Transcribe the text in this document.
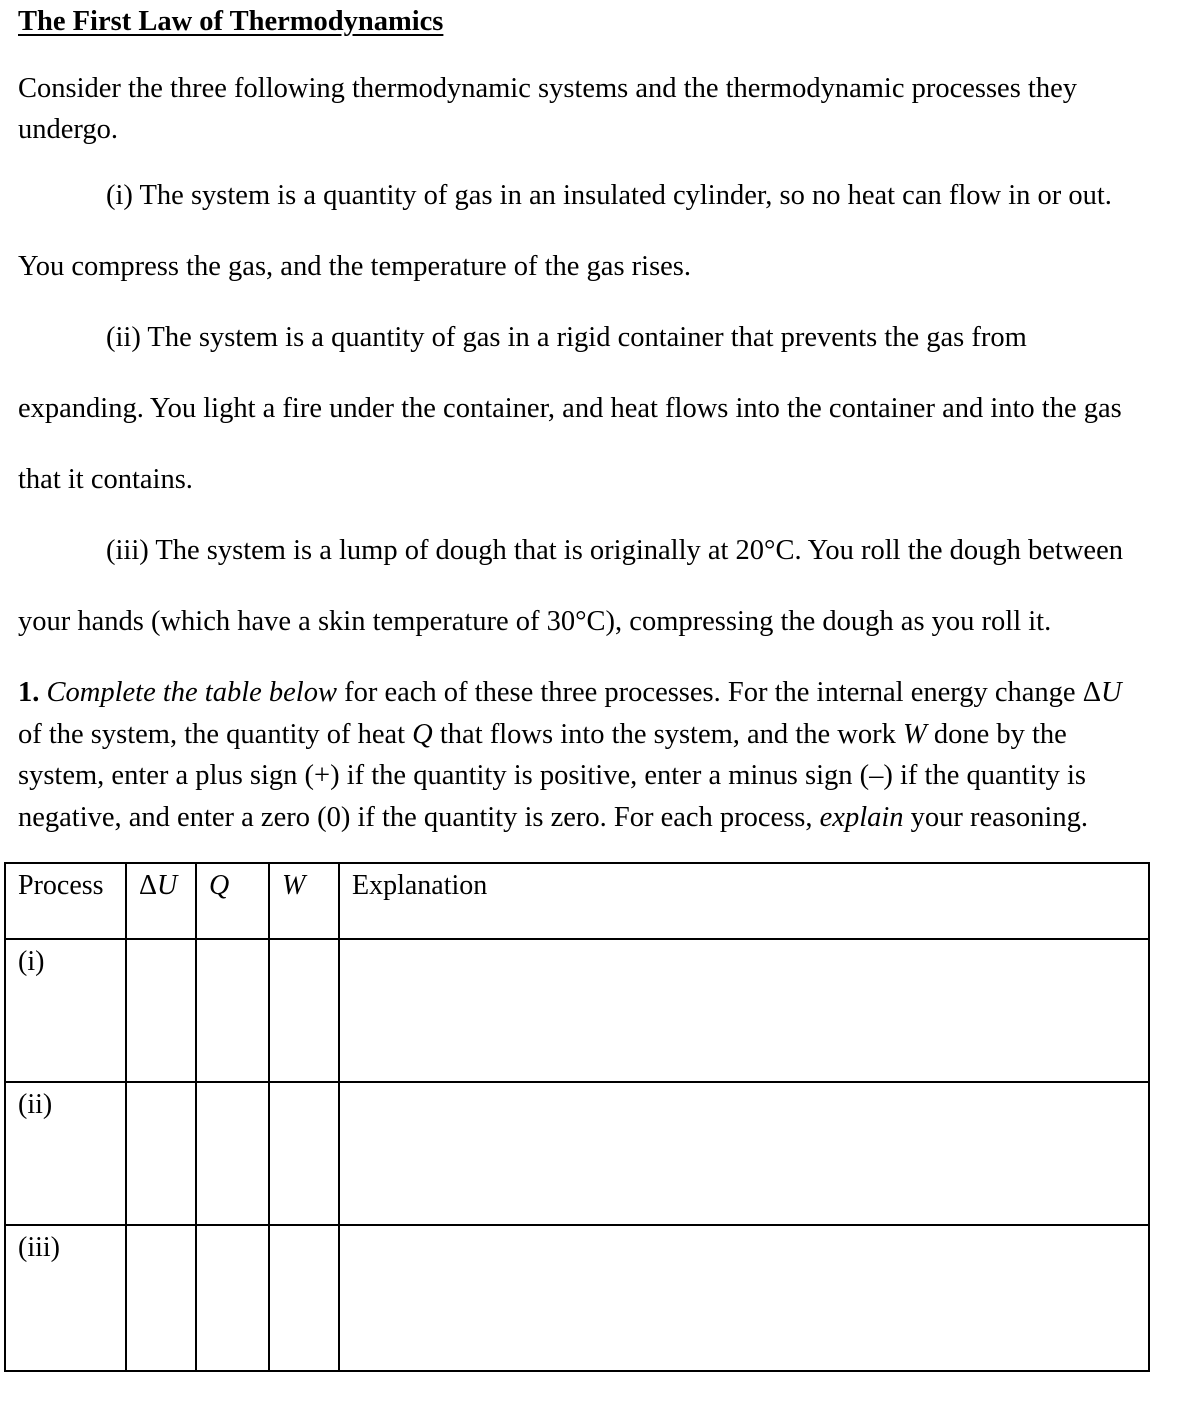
The First Law of Thermodynamics
Consider the three following thermodynamic systems and the thermodynamic processes they
undergo.
(i) The system is a quantity of gas in an insulated cylinder, so no heat can flow in or out.
You compress the gas, and the temperature of the gas rises.
(ii) The system is a quantity of gas in a rigid container that prevents the gas from
expanding. You light a fire under the container, and heat flows into the container and into the gas
that it contains.
(iii) The system is a lump of dough that is originally at 20°C. You roll the dough between
your hands (which have a skin temperature of 30°C), compressing the dough as you roll it.
1. Complete the table below for each of these three processes. For the internal energy change ΔU
of the system, the quantity of heat Q that flows into the system, and the work W done by the
system, enter a plus sign (+) if the quantity is positive, enter a minus sign (–) if the quantity is
negative, and enter a zero (0) if the quantity is zero. For each process, explain your reasoning.
Process	ΔU	Q	W	Explanation
(i)				
(ii)				
(iii)				
